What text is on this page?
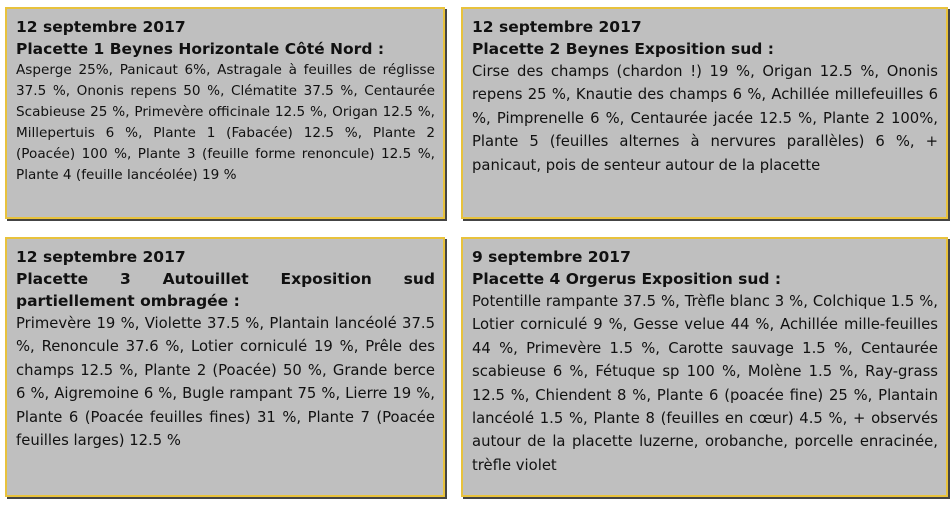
12 septembre 2017

Placette 1 Beynes Horizontale Côté Nord :

Asperge 25%, Panicaut 6%, Astragale à feuilles de réglisse 37.5 %, Ononis repens 50 %, Clématite 37.5 %, Centaurée Scabieuse 25 %, Primevère officinale 12.5 %, Origan 12.5 %, Millepertuis 6 %, Plante 1 (Fabacée) 12.5 %, Plante 2 (Poacée) 100 %, Plante 3 (feuille forme renoncule) 12.5 %, Plante 4 (feuille lancéolée) 19 %

12 septembre 2017

Placette 2 Beynes Exposition sud :

Cirse des champs (chardon !) 19 %, Origan 12.5 %, Ononis repens 25 %, Knautie des champs 6 %, Achillée millefeuilles 6 %, Pimprenelle 6 %, Centaurée jacée 12.5 %, Plante 2 100%, Plante 5 (feuilles alternes à nervures parallèles) 6 %, + panicaut, pois de senteur autour de la placette

12 septembre 2017

Placette 3 Autouillet Exposition sud partiellement ombragée :

Primevère 19 %, Violette 37.5 %, Plantain lancéolé 37.5 %, Renoncule 37.6 %, Lotier corniculé 19 %, Prêle des champs 12.5 %, Plante 2 (Poacée) 50 %, Grande berce 6 %, Aigremoine 6 %, Bugle rampant 75 %, Lierre 19 %, Plante 6 (Poacée feuilles fines) 31 %, Plante 7 (Poacée feuilles larges) 12.5 %

9 septembre 2017

Placette 4 Orgerus Exposition sud :

Potentille rampante 37.5 %, Trèfle blanc 3 %, Colchique 1.5 %, Lotier corniculé 9 %, Gesse velue 44 %, Achillée mille-feuilles 44 %, Primevère 1.5 %, Carotte sauvage 1.5 %, Centaurée scabieuse 6 %, Fétuque sp 100 %, Molène 1.5 %, Ray-grass 12.5 %, Chiendent 8 %, Plante 6 (poacée fine) 25 %, Plantain lancéolé 1.5 %, Plante 8 (feuilles en cœur) 4.5 %, + observés autour de la placette luzerne, orobanche, porcelle enracinée, trèfle violet
